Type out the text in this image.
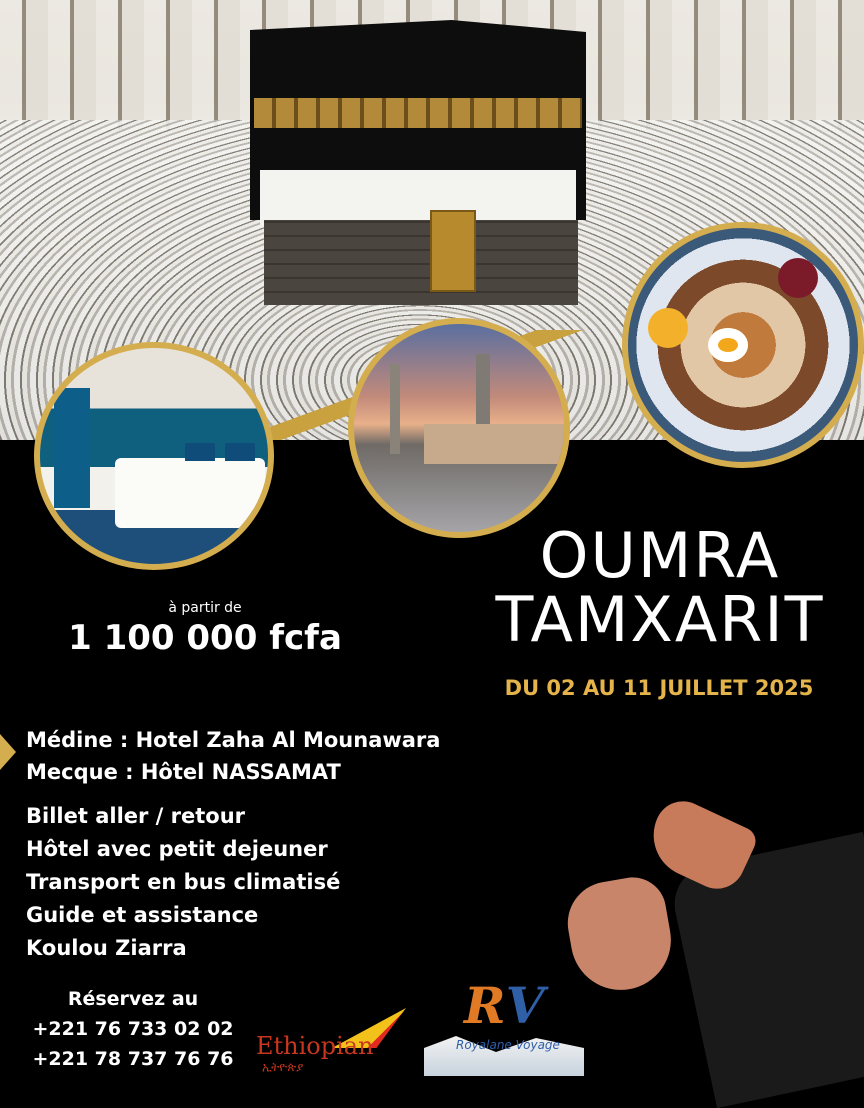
OUMRA
TAMXARIT
DU 02 AU 11 JUILLET 2025
à partir de
1 100 000 fcfa
Médine : Hotel Zaha Al Mounawara
Mecque : Hôtel NASSAMAT
Billet aller / retour
Hôtel avec petit dejeuner
Transport en bus climatisé
Guide et assistance
Koulou Ziarra
Réservez au
+221 76 733 02 02
+221 78 737 76 76 Ethiopian
ኢትዮጵያ
RV
Royalane Voyage
